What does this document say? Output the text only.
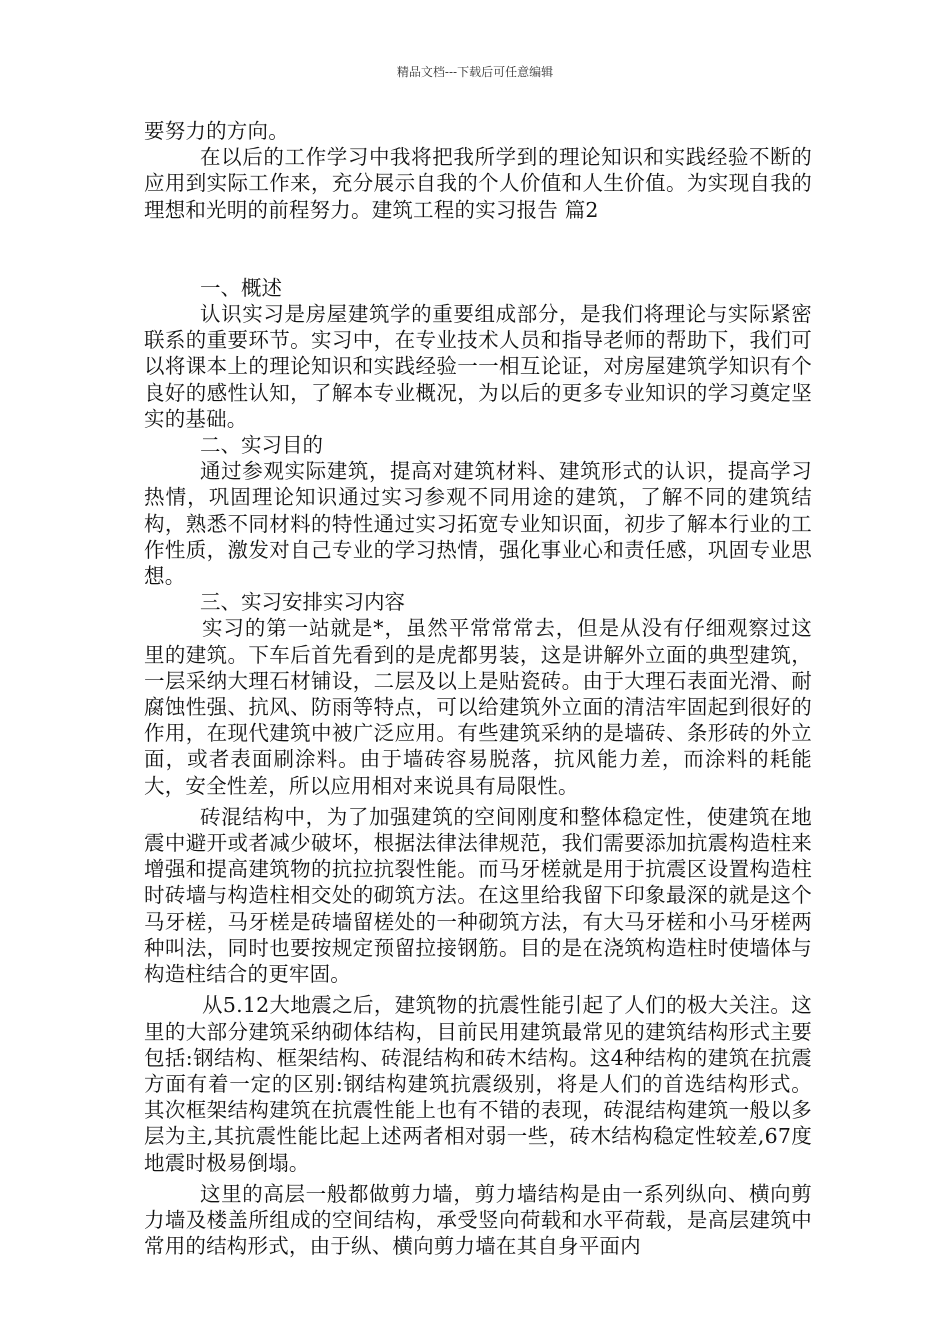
精品文档---下载后可任意编辑

要努力的方向。

在以后的工作学习中我将把我所学到的理论知识和实践经验不断的应用到实际工作来，充分展示自我的个人价值和人生价值。为实现自我的理想和光明的前程努力。建筑工程的实习报告 篇2

一、概述

认识实习是房屋建筑学的重要组成部分，是我们将理论与实际紧密联系的重要环节。实习中，在专业技术人员和指导老师的帮助下，我们可以将课本上的理论知识和实践经验一一相互论证，对房屋建筑学知识有个良好的感性认知，了解本专业概况，为以后的更多专业知识的学习奠定坚实的基础。

二、实习目的

通过参观实际建筑，提高对建筑材料、建筑形式的认识，提高学习热情，巩固理论知识通过实习参观不同用途的建筑，了解不同的建筑结构，熟悉不同材料的特性通过实习拓宽专业知识面，初步了解本行业的工作性质，激发对自己专业的学习热情，强化事业心和责任感，巩固专业思想。

三、实习安排实习内容

实习的第一站就是*，虽然平常常常去，但是从没有仔细观察过这里的建筑。下车后首先看到的是虎都男装，这是讲解外立面的典型建筑，一层采纳大理石材铺设，二层及以上是贴瓷砖。由于大理石表面光滑、耐腐蚀性强、抗风、防雨等特点，可以给建筑外立面的清洁牢固起到很好的作用，在现代建筑中被广泛应用。有些建筑采纳的是墙砖、条形砖的外立面，或者表面刷涂料。由于墙砖容易脱落，抗风能力差，而涂料的耗能大，安全性差，所以应用相对来说具有局限性。

砖混结构中，为了加强建筑的空间刚度和整体稳定性，使建筑在地震中避开或者减少破坏，根据法律法律规范，我们需要添加抗震构造柱来增强和提高建筑物的抗拉抗裂性能。而马牙槎就是用于抗震区设置构造柱时砖墙与构造柱相交处的砌筑方法。在这里给我留下印象最深的就是这个马牙槎，马牙槎是砖墙留槎处的一种砌筑方法，有大马牙槎和小马牙槎两种叫法，同时也要按规定预留拉接钢筋。目的是在浇筑构造柱时使墙体与构造柱结合的更牢固。

从5.12大地震之后，建筑物的抗震性能引起了人们的极大关注。这里的大部分建筑采纳砌体结构，目前民用建筑最常见的建筑结构形式主要包括:钢结构、框架结构、砖混结构和砖木结构。这4种结构的建筑在抗震方面有着一定的区别:钢结构建筑抗震级别，将是人们的首选结构形式。其次框架结构建筑在抗震性能上也有不错的表现，砖混结构建筑一般以多层为主,其抗震性能比起上述两者相对弱一些，砖木结构稳定性较差,67度地震时极易倒塌。

这里的高层一般都做剪力墙，剪力墙结构是由一系列纵向、横向剪力墙及楼盖所组成的空间结构，承受竖向荷载和水平荷载，是高层建筑中常用的结构形式，由于纵、横向剪力墙在其自身平面内
